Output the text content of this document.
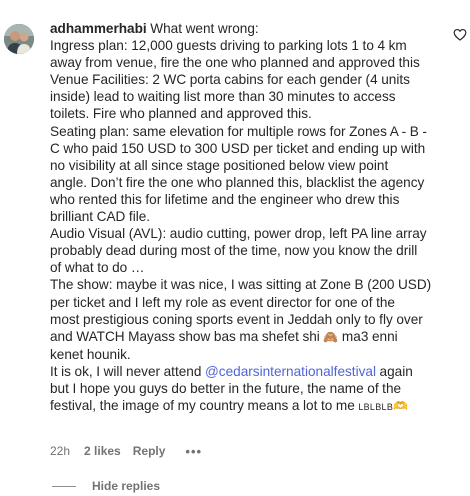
adhammerhabi What went wrong:
Ingress plan: 12,000 guests driving to parking lots 1 to 4 km
away from venue, fire the one who planned and approved this
Venue Facilities: 2 WC porta cabins for each gender (4 units
inside) lead to waiting list more than 30 minutes to access
toilets. Fire who planned and approved this.
Seating plan: same elevation for multiple rows for Zones A - B -
C who paid 150 USD to 300 USD per ticket and ending up with
no visibility at all since stage positioned below view point
angle. Don’t fire the one who planned this, blacklist the agency
who rented this for lifetime and the engineer who drew this
brilliant CAD file.
Audio Visual (AVL): audio cutting, power drop, left PA line array
probably dead during most of the time, now you know the drill
of what to do …
The show: maybe it was nice, I was sitting at Zone B (200 USD)
per ticket and I left my role as event director for one of the
most prestigious coning sports event in Jeddah only to fly over
and WATCH Mayass show bas ma shefet shi 🙈 ma3 enni
kenet hounik.
It is ok, I will never attend @cedarsinternationalfestival again
but I hope you guys do better in the future, the name of the
festival, the image of my country means a lot to me LBLBLB🫶

22h 2 likes Reply •••
Hide replies
